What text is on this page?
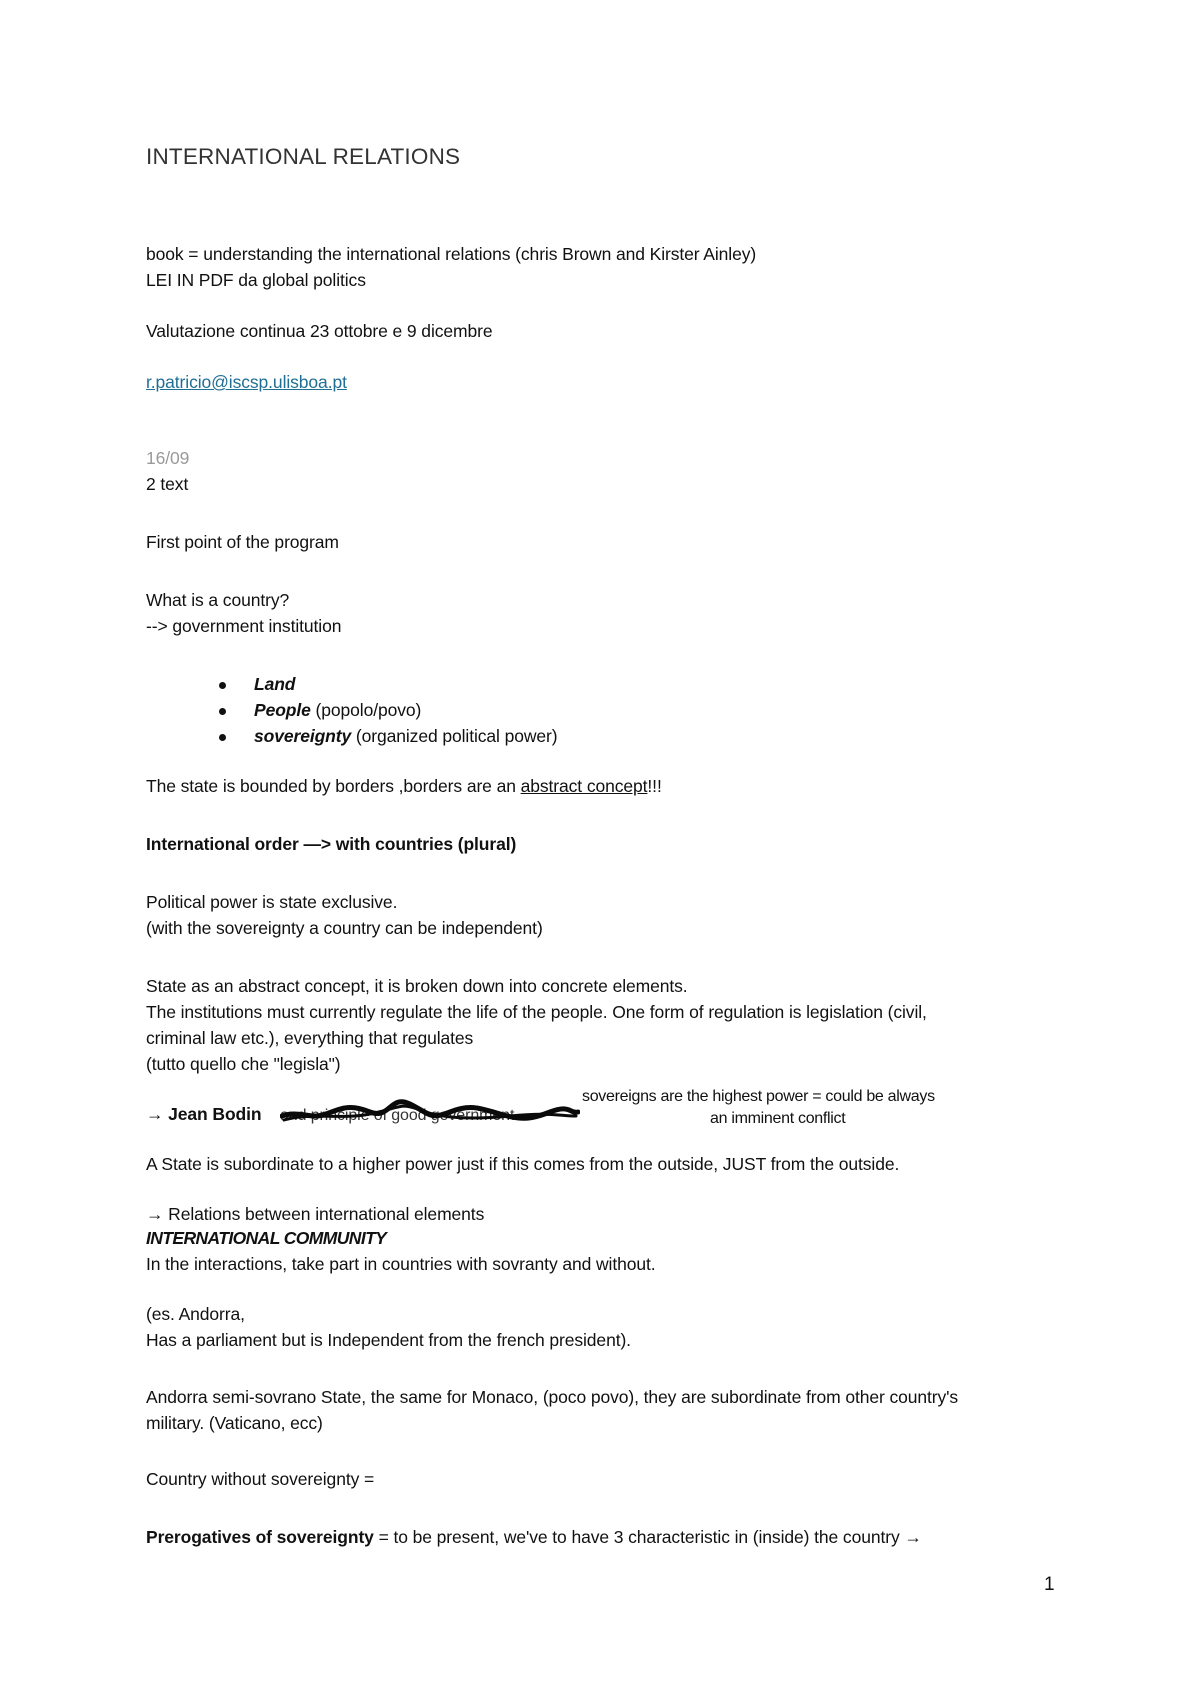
INTERNATIONAL RELATIONS
book = understanding the international relations (chris Brown and Kirster Ainley)
LEI IN PDF da global politics
Valutazione continua 23 ottobre e 9 dicembre
r.patricio@iscsp.ulisboa.pt
16/09
2 text
First point of the program
What is a country?
--> government institution
Land
People (popolo/povo)
sovereignty (organized political power)
The state is bounded by borders ,borders are an abstract concept!!!
International order —> with countries (plural)
Political power is state exclusive.
(with the sovereignty a country can be independent)
State as an abstract concept, it is broken down into concrete elements.
The institutions must currently regulate the life of the people. One form of regulation is legislation (civil,
criminal law etc.), everything that regulates
(tutto quello che "legisla")
→ Jean Bodin and principle of good government
sovereigns are the highest power = could be always
an imminent conflict
A State is subordinate to a higher power just if this comes from the outside, JUST from the outside.
→ Relations between international elements
INTERNATIONAL COMMUNITY
In the interactions, take part in countries with sovranty and without.
(es. Andorra,
Has a parliament but is Independent from the french president).
Andorra semi-sovrano State, the same for Monaco, (poco povo), they are subordinate from other country's
military. (Vaticano, ecc)
Country without sovereignty =
Prerogatives of sovereignty = to be present, we've to have 3 characteristic in (inside) the country →
1
